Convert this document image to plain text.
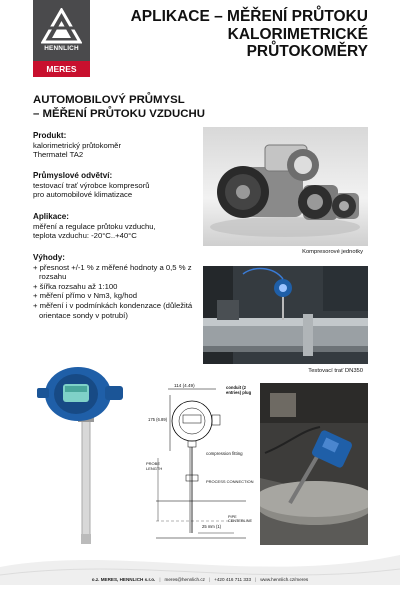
HENNLICH
MERES
APLIKACE – MĚŘENÍ PRŮTOKU
KALORIMETRICKÉ
PRŮTOKOMĚRY
AUTOMOBILOVÝ PRŮMYSL
– MĚŘENÍ PRŮTOKU VZDUCHU
Produkt:
kalorimetrický průtokoměr
Thermatel TA2
Průmyslové odvětví:
testovací trať výrobce kompresorů
pro automobilové klimatizace
Aplikace:
měření a regulace průtoku vzduchu,
teplota vzduchu: -20°C..+40°C
Výhody:
+ přesnost +/-1 % z měřené hodnoty a 0,5 % z rozsahu
+ šířka rozsahu až 1:100
+ měření přímo v Nm3, kg/hod
+ měření i v podmínkách kondenzace (důležitá orientace sondy v potrubí)
Kompresorové jednotky
Testovací trať DN350
114 (4.49)
175 (6.89)
conduit (2 entries) plug
compression fitting
PROCESS CONNECTION
PROBE LENGTH
PIPE CENTERLINE
25 mm (1)
o.z. MERES, HENNLICH s.r.o. | meres@hennlich.cz | +420 416 711 333 | www.hennlich.cz/meres
